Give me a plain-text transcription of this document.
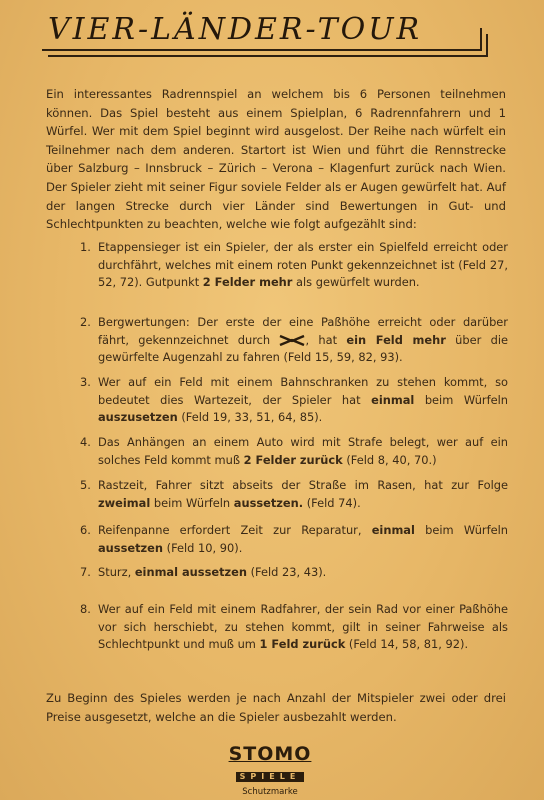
VIER-LÄNDER-TOUR
Ein interessantes Radrennspiel an welchem bis 6 Personen teilnehmen können. Das Spiel besteht aus einem Spielplan, 6 Radrennfahrern und 1 Würfel. Wer mit dem Spiel beginnt wird ausgelost. Der Reihe nach würfelt ein Teilnehmer nach dem anderen. Startort ist Wien und führt die Rennstrecke über Salzburg – Innsbruck – Zürich – Verona – Klagenfurt zurück nach Wien. Der Spieler zieht mit seiner Figur soviele Felder als er Augen gewürfelt hat. Auf der langen Strecke durch vier Länder sind Bewertungen in Gut- und Schlechtpunkten zu beachten, welche wie folgt aufgezählt sind:
1. Etappensieger ist ein Spieler, der als erster ein Spielfeld erreicht oder durchfährt, welches mit einem roten Punkt gekennzeichnet ist (Feld 27, 52, 72). Gutpunkt 2 Felder mehr als gewürfelt wurden.
2. Bergwertungen: Der erste der eine Paßhöhe erreicht oder darüber fährt, gekennzeichnet durch	, hat ein Feld mehr über die gewürfelte Augenzahl zu fahren (Feld 15, 59, 82, 93).
3. Wer auf ein Feld mit einem Bahnschranken zu stehen kommt, so bedeutet dies Wartezeit, der Spieler hat einmal beim Würfeln auszusetzen (Feld 19, 33, 51, 64, 85).
4. Das Anhängen an einem Auto wird mit Strafe belegt, wer auf ein solches Feld kommt muß 2 Felder zurück (Feld 8, 40, 70.)
5. Rastzeit, Fahrer sitzt abseits der Straße im Rasen, hat zur Folge zweimal beim Würfeln aussetzen. (Feld 74).
6. Reifenpanne erfordert Zeit zur Reparatur, einmal beim Würfeln aussetzen (Feld 10, 90).
7. Sturz, einmal aussetzen (Feld 23, 43).
8. Wer auf ein Feld mit einem Radfahrer, der sein Rad vor einer Paßhöhe vor sich herschiebt, zu stehen kommt, gilt in seiner Fahrweise als Schlechtpunkt und muß um 1 Feld zurück (Feld 14, 58, 81, 92).
Zu Beginn des Spieles werden je nach Anzahl der Mitspieler zwei oder drei Preise ausgesetzt, welche an die Spieler ausbezahlt werden.
STOMO
SPIELE
Schutzmarke
